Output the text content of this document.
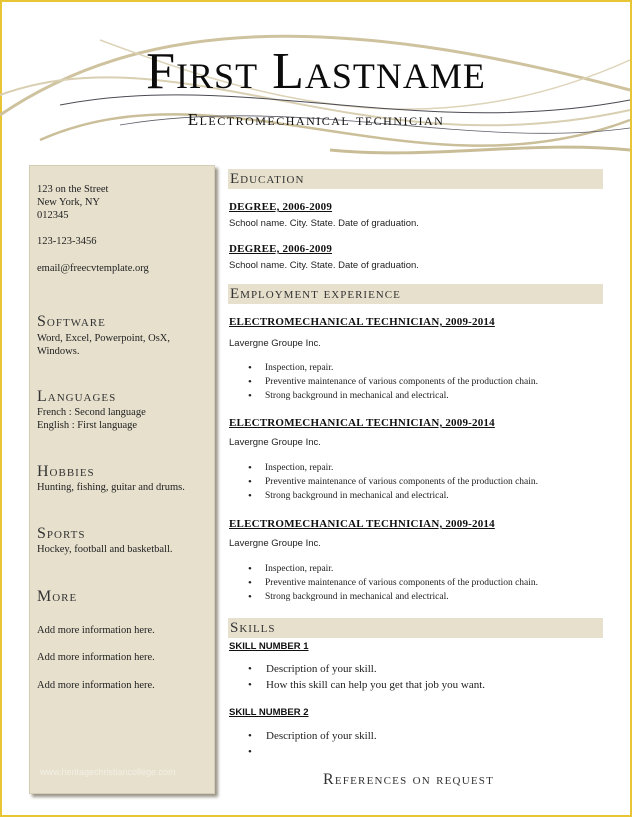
First Lastname
Electromechanical technician
123 on the Street
New York, NY
012345
123-123-3456
email@freecvtemplate.org
Software
Word, Excel, Powerpoint, OsX,
Windows.
Languages
French : Second language
English : First language
Hobbies
Hunting, fishing, guitar and drums.
Sports
Hockey, football and basketball.
More
Add more information here.
Add more information here.
Add more information here.
www.heritagechristiancollege.com
Education
DEGREE, 2006-2009
School name. City. State. Date of graduation.
DEGREE, 2006-2009
School name. City. State. Date of graduation.
Employment experience
ELECTROMECHANICAL TECHNICIAN, 2009-2014
Lavergne Groupe Inc.
• Inspection, repair.
• Preventive maintenance of various components of the production chain.
• Strong background in mechanical and electrical.
ELECTROMECHANICAL TECHNICIAN, 2009-2014
Lavergne Groupe Inc.
• Inspection, repair.
• Preventive maintenance of various components of the production chain.
• Strong background in mechanical and electrical.
ELECTROMECHANICAL TECHNICIAN, 2009-2014
Lavergne Groupe Inc.
• Inspection, repair.
• Preventive maintenance of various components of the production chain.
• Strong background in mechanical and electrical.
Skills
SKILL NUMBER 1
• Description of your skill.
• How this skill can help you get that job you want.
SKILL NUMBER 2
• Description of your skill.
•
References on request
